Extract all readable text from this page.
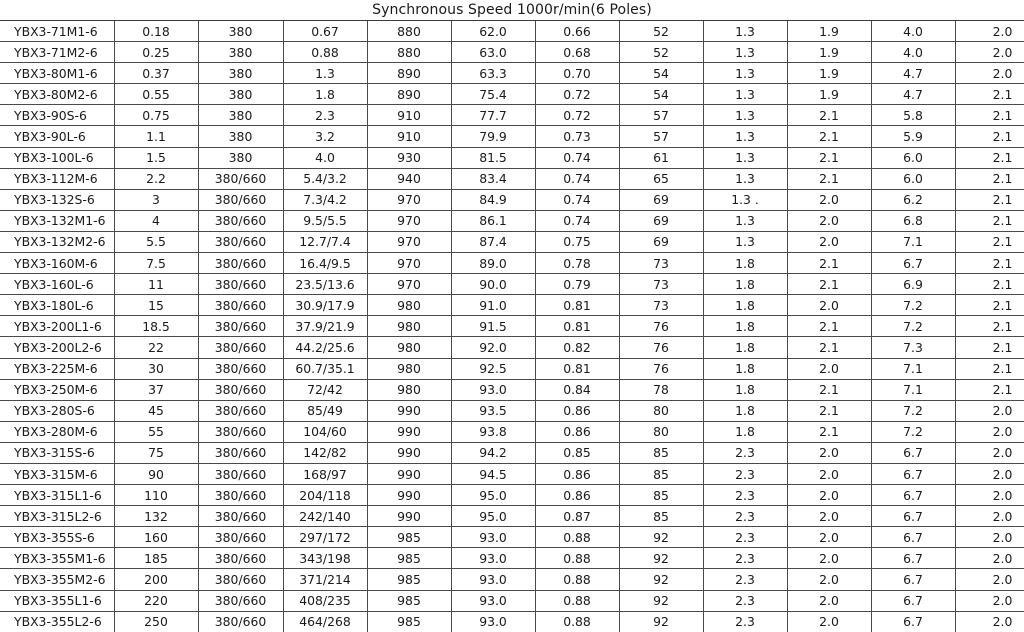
Synchronous Speed 1000r/min(6 Poles)
YBX3-71M1-6	0.18	380	0.67	880	62.0	0.66	52	1.3	1.9	4.0	2.0
YBX3-71M2-6	0.25	380	0.88	880	63.0	0.68	52	1.3	1.9	4.0	2.0
YBX3-80M1-6	0.37	380	1.3	890	63.3	0.70	54	1.3	1.9	4.7	2.0
YBX3-80M2-6	0.55	380	1.8	890	75.4	0.72	54	1.3	1.9	4.7	2.1
YBX3-90S-6	0.75	380	2.3	910	77.7	0.72	57	1.3	2.1	5.8	2.1
YBX3-90L-6	1.1	380	3.2	910	79.9	0.73	57	1.3	2.1	5.9	2.1
YBX3-100L-6	1.5	380	4.0	930	81.5	0.74	61	1.3	2.1	6.0	2.1
YBX3-112M-6	2.2	380/660	5.4/3.2	940	83.4	0.74	65	1.3	2.1	6.0	2.1
YBX3-132S-6	3	380/660	7.3/4.2	970	84.9	0.74	69	1.3 .	2.0	6.2	2.1
YBX3-132M1-6	4	380/660	9.5/5.5	970	86.1	0.74	69	1.3	2.0	6.8	2.1
YBX3-132M2-6	5.5	380/660	12.7/7.4	970	87.4	0.75	69	1.3	2.0	7.1	2.1
YBX3-160M-6	7.5	380/660	16.4/9.5	970	89.0	0.78	73	1.8	2.1	6.7	2.1
YBX3-160L-6	11	380/660	23.5/13.6	970	90.0	0.79	73	1.8	2.1	6.9	2.1
YBX3-180L-6	15	380/660	30.9/17.9	980	91.0	0.81	73	1.8	2.0	7.2	2.1
YBX3-200L1-6	18.5	380/660	37.9/21.9	980	91.5	0.81	76	1.8	2.1	7.2	2.1
YBX3-200L2-6	22	380/660	44.2/25.6	980	92.0	0.82	76	1.8	2.1	7.3	2.1
YBX3-225M-6	30	380/660	60.7/35.1	980	92.5	0.81	76	1.8	2.0	7.1	2.1
YBX3-250M-6	37	380/660	72/42	980	93.0	0.84	78	1.8	2.1	7.1	2.1
YBX3-280S-6	45	380/660	85/49	990	93.5	0.86	80	1.8	2.1	7.2	2.0
YBX3-280M-6	55	380/660	104/60	990	93.8	0.86	80	1.8	2.1	7.2	2.0
YBX3-315S-6	75	380/660	142/82	990	94.2	0.85	85	2.3	2.0	6.7	2.0
YBX3-315M-6	90	380/660	168/97	990	94.5	0.86	85	2.3	2.0	6.7	2.0
YBX3-315L1-6	110	380/660	204/118	990	95.0	0.86	85	2.3	2.0	6.7	2.0
YBX3-315L2-6	132	380/660	242/140	990	95.0	0.87	85	2.3	2.0	6.7	2.0
YBX3-355S-6	160	380/660	297/172	985	93.0	0.88	92	2.3	2.0	6.7	2.0
YBX3-355M1-6	185	380/660	343/198	985	93.0	0.88	92	2.3	2.0	6.7	2.0
YBX3-355M2-6	200	380/660	371/214	985	93.0	0.88	92	2.3	2.0	6.7	2.0
YBX3-355L1-6	220	380/660	408/235	985	93.0	0.88	92	2.3	2.0	6.7	2.0
YBX3-355L2-6	250	380/660	464/268	985	93.0	0.88	92	2.3	2.0	6.7	2.0
